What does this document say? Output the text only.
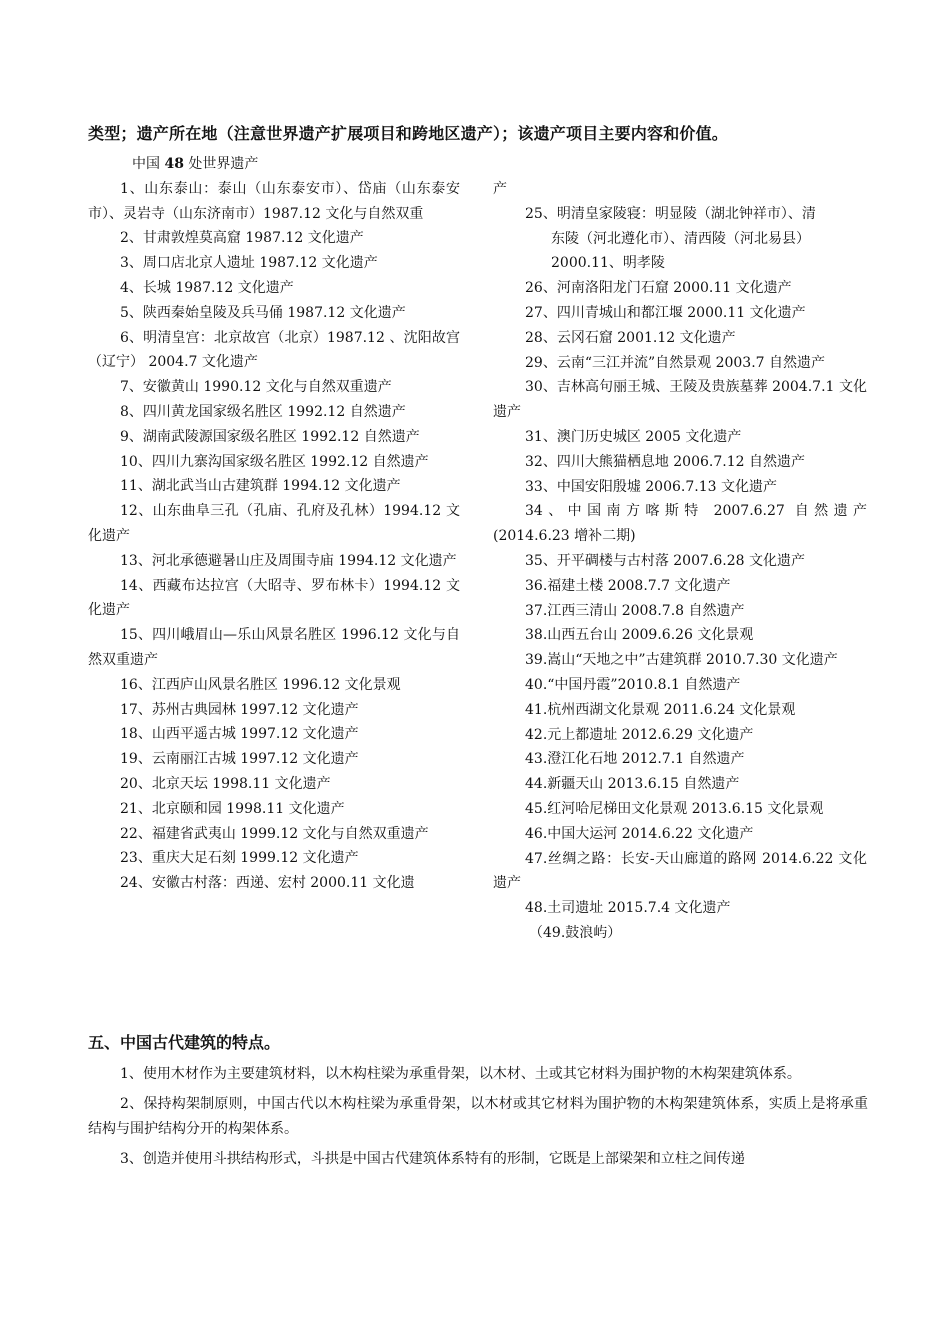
类型；遗产所在地（注意世界遗产扩展项目和跨地区遗产）；该遗产项目主要内容和价值。
中国 48 处世界遗产

1、山东泰山：泰山（山东泰安市）、岱庙（山东泰安市）、灵岩寺（山东济南市）1987.12 文化与自然双重

2、甘肃敦煌莫高窟 1987.12 文化遗产

3、周口店北京人遗址 1987.12 文化遗产

4、长城 1987.12 文化遗产

5、陕西秦始皇陵及兵马俑 1987.12 文化遗产

6、明清皇宫：北京故宫（北京）1987.12 、沈阳故宫（辽宁） 2004.7 文化遗产

7、安徽黄山 1990.12 文化与自然双重遗产

8、四川黄龙国家级名胜区 1992.12 自然遗产

9、湖南武陵源国家级名胜区 1992.12 自然遗产

10、四川九寨沟国家级名胜区 1992.12 自然遗产

11、湖北武当山古建筑群 1994.12 文化遗产

12、山东曲阜三孔（孔庙、孔府及孔林）1994.12 文化遗产

13、河北承德避暑山庄及周围寺庙 1994.12 文化遗产

14、西藏布达拉宫（大昭寺、罗布林卡）1994.12 文化遗产

15、四川峨眉山—乐山风景名胜区 1996.12 文化与自然双重遗产

16、江西庐山风景名胜区 1996.12 文化景观

17、苏州古典园林 1997.12 文化遗产

18、山西平遥古城 1997.12 文化遗产

19、云南丽江古城 1997.12 文化遗产

20、北京天坛 1998.11 文化遗产

21、北京颐和园 1998.11 文化遗产

22、福建省武夷山 1999.12 文化与自然双重遗产

23、重庆大足石刻 1999.12 文化遗产

24、安徽古村落：西递、宏村 2000.11 文化遗

产

25、明清皇家陵寝：明显陵（湖北钟祥市）、清

东陵（河北遵化市）、清西陵（河北易县）

2000.11、明孝陵

26、河南洛阳龙门石窟 2000.11 文化遗产

27、四川青城山和都江堰 2000.11 文化遗产

28、云冈石窟 2001.12 文化遗产

29、云南“三江并流”自然景观 2003.7 自然遗产

30、吉林高句丽王城、王陵及贵族墓葬 2004.7.1 文化遗产

31、澳门历史城区 2005 文化遗产

32、四川大熊猫栖息地 2006.7.12 自然遗产

33、中国安阳殷墟 2006.7.13 文化遗产

34、中国南方喀斯特 2007.6.27 自然遗产 (2014.6.23 增补二期)

35、开平碉楼与古村落 2007.6.28 文化遗产

36.福建土楼 2008.7.7 文化遗产

37.江西三清山 2008.7.8 自然遗产

38.山西五台山 2009.6.26 文化景观

39.嵩山“天地之中”古建筑群 2010.7.30 文化遗产

40.“中国丹霞”2010.8.1 自然遗产

41.杭州西湖文化景观 2011.6.24 文化景观

42.元上都遗址 2012.6.29 文化遗产

43.澄江化石地 2012.7.1 自然遗产

44.新疆天山 2013.6.15 自然遗产

45.红河哈尼梯田文化景观 2013.6.15 文化景观

46.中国大运河 2014.6.22 文化遗产

47.丝绸之路：长安-天山廊道的路网 2014.6.22 文化遗产

48.土司遗址 2015.7.4 文化遗产

（49.鼓浪屿）

五、中国古代建筑的特点。

1、使用木材作为主要建筑材料，以木构柱梁为承重骨架，以木材、土或其它材料为围护物的木构架建筑体系。

2、保持构架制原则，中国古代以木构柱梁为承重骨架，以木材或其它材料为围护物的木构架建筑体系，实质上是将承重结构与围护结构分开的构架体系。

3、创造并使用斗拱结构形式，斗拱是中国古代建筑体系特有的形制，它既是上部梁架和立柱之间传递
